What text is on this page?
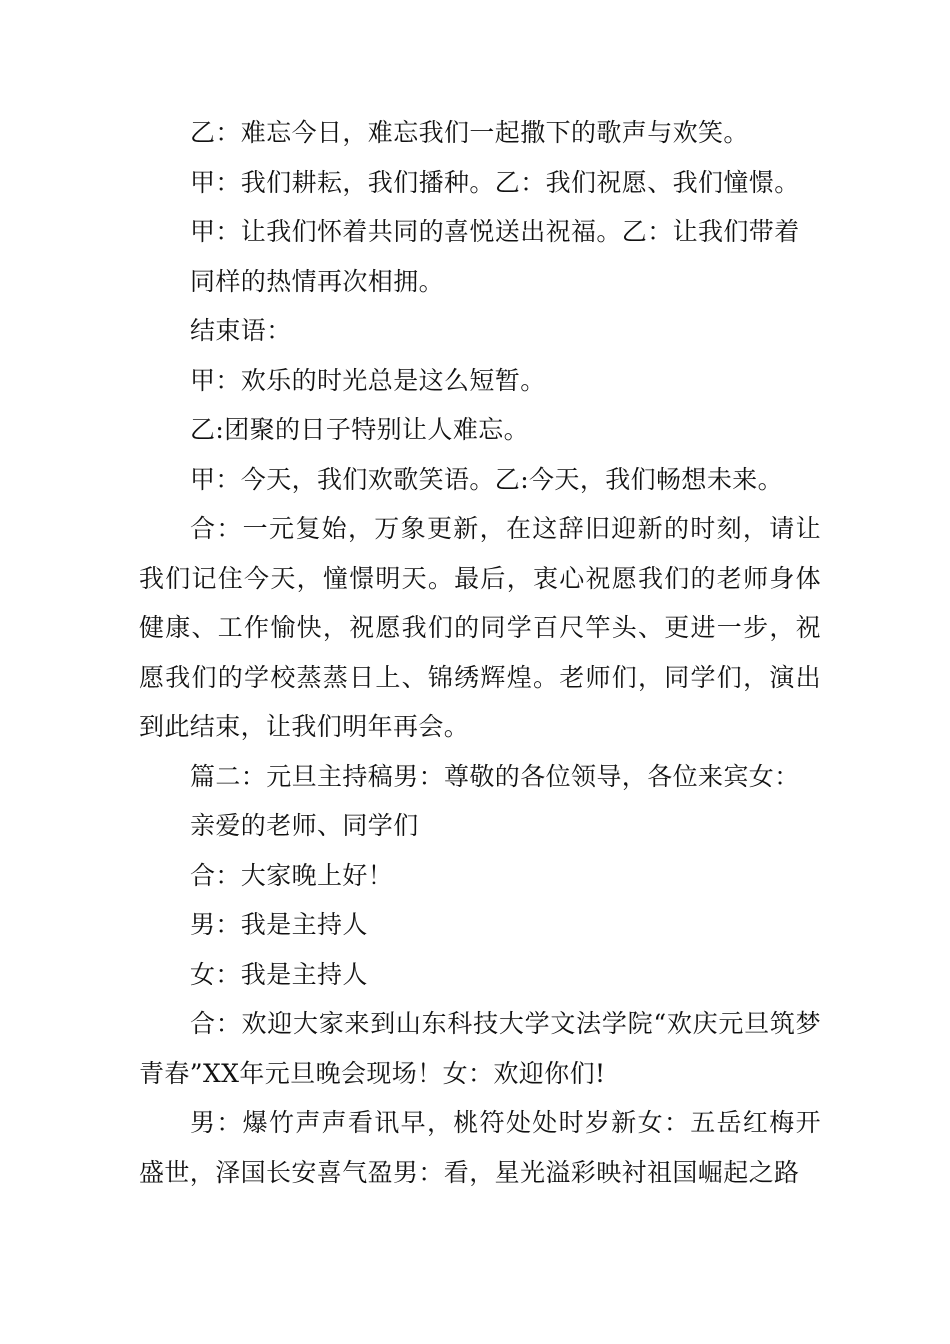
乙：难忘今日，难忘我们一起撒下的歌声与欢笑。

甲：我们耕耘，我们播种。乙：我们祝愿、我们憧憬。

甲：让我们怀着共同的喜悦送出祝福。乙：让我们带着

同样的热情再次相拥。

结束语：

甲：欢乐的时光总是这么短暂。

乙:团聚的日子特别让人难忘。

甲：今天，我们欢歌笑语。乙:今天，我们畅想未来。

合：一元复始，万象更新，在这辞旧迎新的时刻，请让我们记住今天，憧憬明天。最后，衷心祝愿我们的老师身体健康、工作愉快，祝愿我们的同学百尺竿头、更进一步，祝愿我们的学校蒸蒸日上、锦绣辉煌。老师们，同学们，演出到此结束，让我们明年再会。

篇二：元旦主持稿男：尊敬的各位领导，各位来宾女：

亲爱的老师、同学们

合：大家晚上好！

男：我是主持人

女：我是主持人

合：欢迎大家来到山东科技大学文法学院“欢庆元旦筑梦青春”XX年元旦晚会现场！女：欢迎你们!

男：爆竹声声看讯早，桃符处处时岁新女：五岳红梅开盛世，泽国长安喜气盈男：看，星光溢彩映衬祖国崛起之路
